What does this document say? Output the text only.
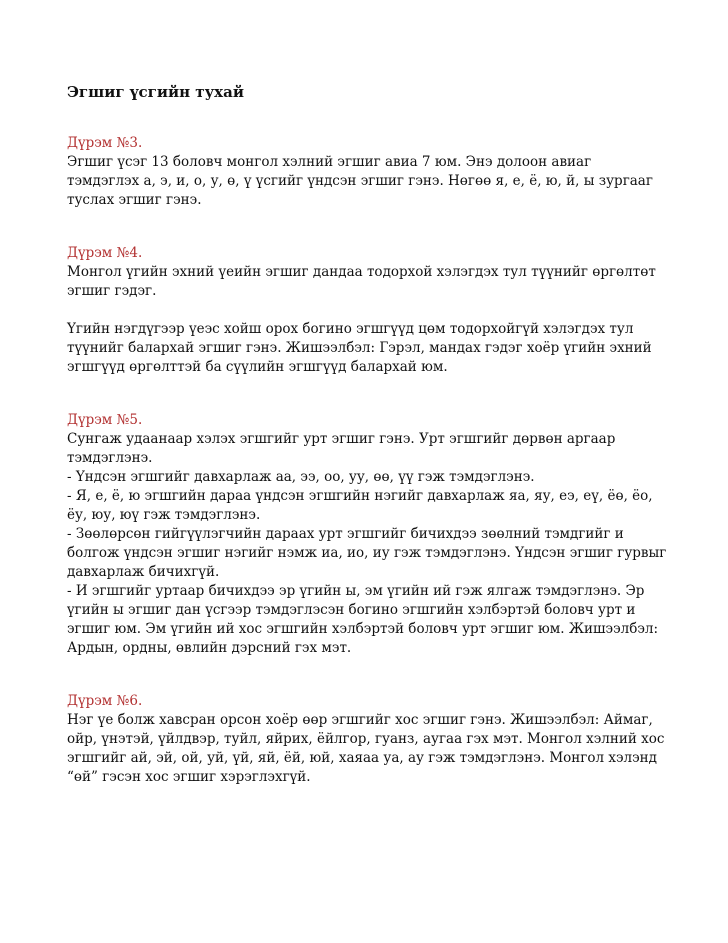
Эгшиг үсгийн тухай

Дүрэм №3.

Эгшиг үсэг 13 боловч монгол хэлний эгшиг авиа 7 юм. Энэ долоон авиаг тэмдэглэх а, э, и, о, у, ө, ү үсгийг үндсэн эгшиг гэнэ. Нөгөө я, е, ё, ю, й, ы зургааг туслах эгшиг гэнэ.

Дүрэм №4.

Монгол үгийн эхний үеийн эгшиг дандаа тодорхой хэлэгдэх тул түүнийг өргөлтөт эгшиг гэдэг.

Үгийн нэгдүгээр үеэс хойш орох богино эгшгүүд цөм тодорхойгүй хэлэгдэх тул түүнийг балархай эгшиг гэнэ. Жишээлбэл: Гэрэл, мандах гэдэг хоёр үгийн эхний эгшгүүд өргөлттэй ба сүүлийн эгшгүүд балархай юм.

Дүрэм №5.

Сунгаж удаанаар хэлэх эгшгийг урт эгшиг гэнэ. Урт эгшгийг дөрвөн аргаар тэмдэглэнэ.

- Үндсэн эгшгийг давхарлаж аа, ээ, оо, уу, өө, үү гэж тэмдэглэнэ.

- Я, е, ё, ю эгшгийн дараа үндсэн эгшгийн нэгийг давхарлаж яа, яу, еэ, еү, ёө, ёо, ёу, юу, юү гэж тэмдэглэнэ.

- Зөөлөрсөн гийгүүлэгчийн дараах урт эгшгийг бичихдээ зөөлний тэмдгийг и болгож үндсэн эгшиг нэгийг нэмж иа, ио, иу гэж тэмдэглэнэ. Үндсэн эгшиг гурвыг давхарлаж бичихгүй.

- И эгшгийг уртаар бичихдээ эр үгийн ы, эм үгийн ий гэж ялгаж тэмдэглэнэ. Эр үгийн ы эгшиг дан үсгээр тэмдэглэсэн богино эгшгийн хэлбэртэй боловч урт и эгшиг юм. Эм үгийн ий хос эгшгийн хэлбэртэй боловч урт эгшиг юм. Жишээлбэл: Ардын, ордны, өвлийн дэрсний гэх мэт.

Дүрэм №6.

Нэг үе болж хавсран орсон хоёр өөр эгшгийг хос эгшиг гэнэ. Жишээлбэл: Аймаг, ойр, үнэтэй, үйлдвэр, туйл, яйрих, ёйлгор, гуанз, аугаа гэх мэт. Монгол хэлний хос эгшгийг ай, эй, ой, уй, үй, яй, ёй, юй, хаяаа уа, ау гэж тэмдэглэнэ. Монгол хэлэнд “өй” гэсэн хос эгшиг хэрэглэхгүй.
